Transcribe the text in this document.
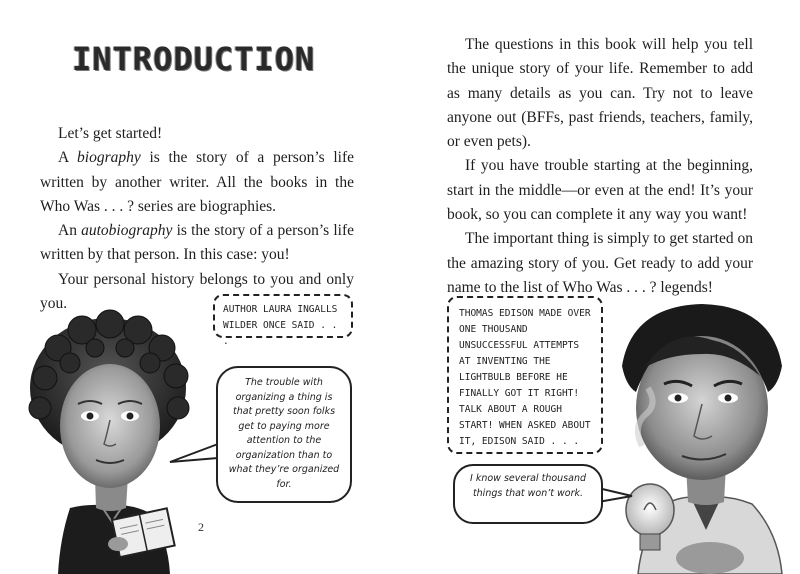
INTRODUCTION

Let’s get started!

A biography is the story of a person’s life written by another writer. All the books in the Who Was . . . ? series are biographies.

An autobiography is the story of a person’s life written by that person. In this case: you!

Your personal history belongs to you and only you.	AUTHOR LAURA INGALLS WILDER ONCE SAID . . .
The trouble with organizing a thing is that pretty soon folks get to paying more attention to the organization than to what they’re organized for.
2

The questions in this book will help you tell the unique story of your life. Remember to add as many details as you can. Try not to leave anyone out (BFFs, past friends, teachers, family, or even pets).

If you have trouble starting at the beginning, start in the middle—or even at the end! It’s your book, so you can complete it any way you want!

The important thing is simply to get started on the amazing story of you. Get ready to add your name to the list of Who Was . . . ? legends!

THOMAS EDISON MADE OVER ONE THOUSAND UNSUCCESSFUL ATTEMPTS AT INVENTING THE LIGHTBULB BEFORE HE FINALLY GOT IT RIGHT! TALK ABOUT A ROUGH START! WHEN ASKED ABOUT IT, EDISON SAID . . .
I know several thousand things that won’t work.
